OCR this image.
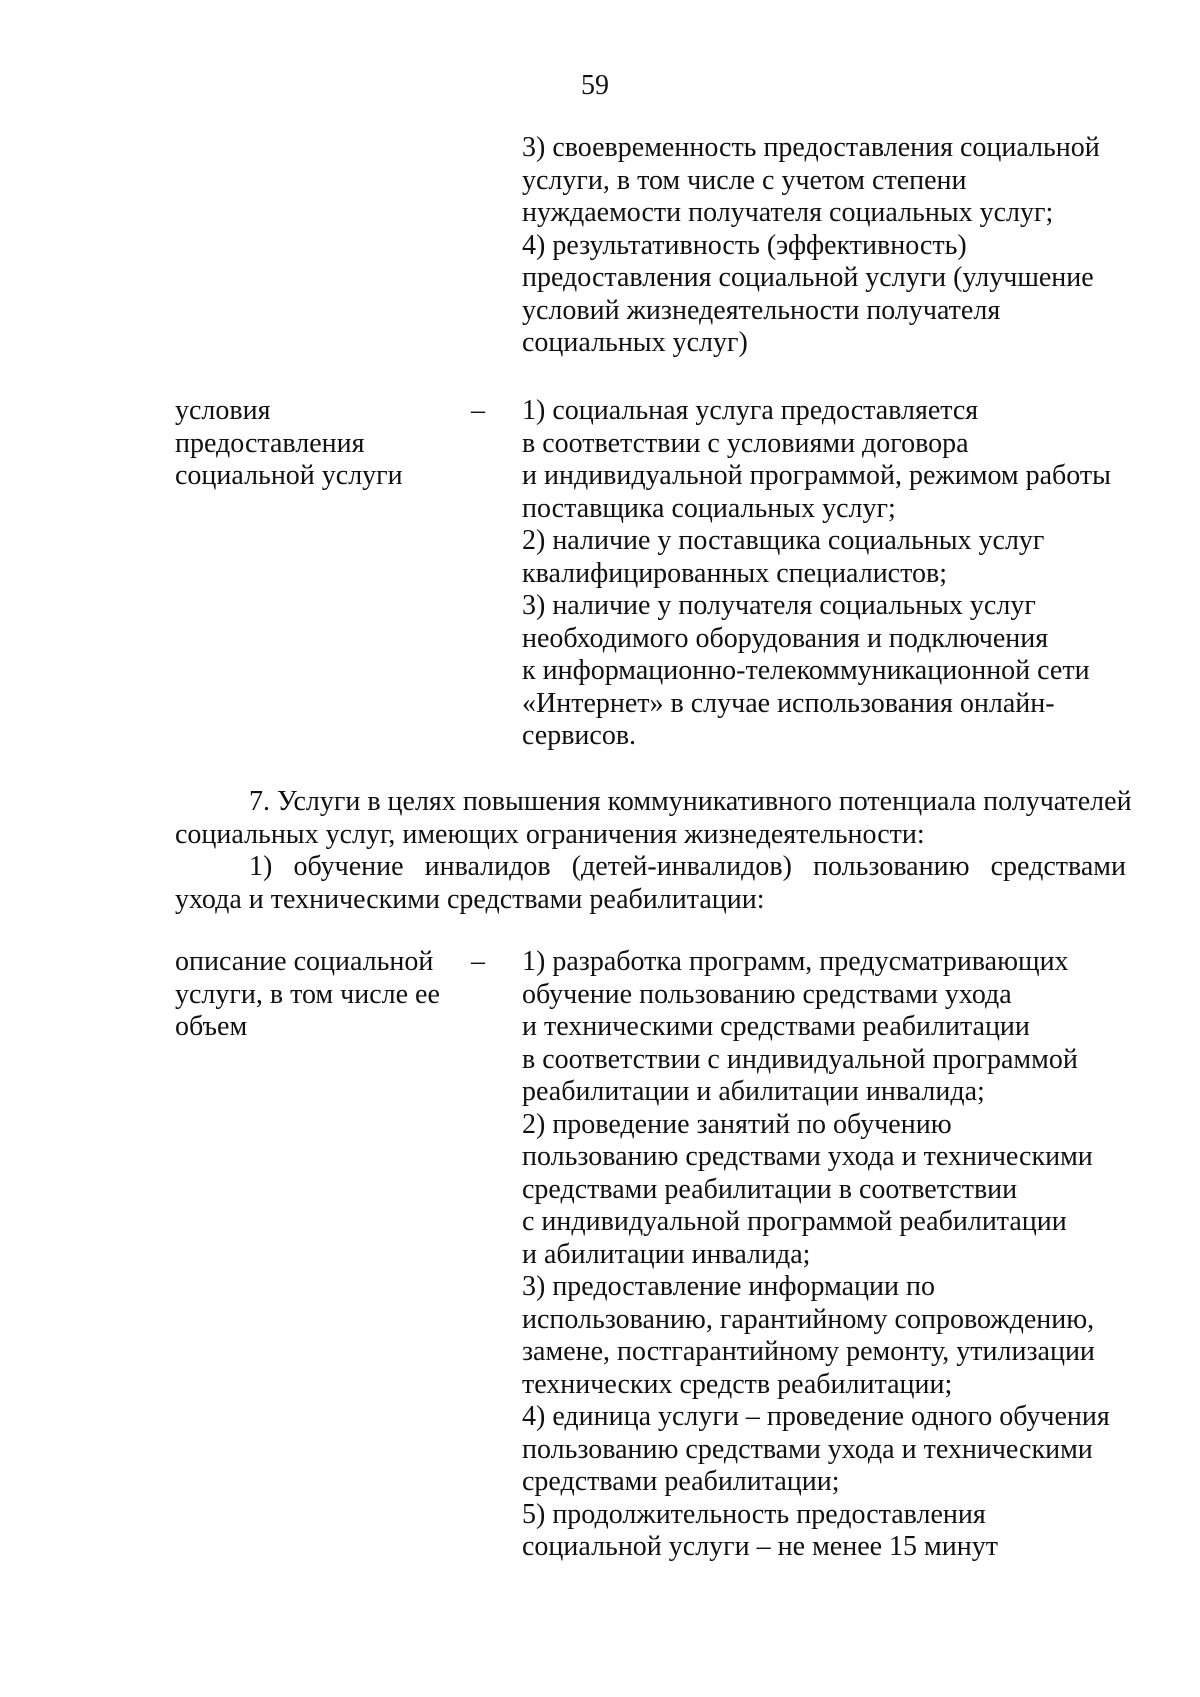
59
3) своевременность предоставления социальной
услуги, в том числе с учетом степени
нуждаемости получателя социальных услуг;
4) результативность (эффективность)
предоставления социальной услуги (улучшение
условий жизнедеятельности получателя
социальных услуг)
условия
предоставления
социальной услуги
–	1) социальная услуга предоставляется
в соответствии с условиями договора
и индивидуальной программой, режимом работы
поставщика социальных услуг;
2) наличие у поставщика социальных услуг
квалифицированных специалистов;
3) наличие у получателя социальных услуг
необходимого оборудования и подключения
к информационно-телекоммуникационной сети
«Интернет» в случае использования онлайн-
сервисов.
7. Услуги в целях повышения коммуникативного потенциала получателей
социальных услуг, имеющих ограничения жизнедеятельности:
1) обучение инвалидов (детей-инвалидов) пользованию средствами
ухода и техническими средствами реабилитации:
описание социальной
услуги, в том числе ее
объем
–	1) разработка программ, предусматривающих
обучение пользованию средствами ухода
и техническими средствами реабилитации
в соответствии с индивидуальной программой
реабилитации и абилитации инвалида;
2) проведение занятий по обучению
пользованию средствами ухода и техническими
средствами реабилитации в соответствии
с индивидуальной программой реабилитации
и абилитации инвалида;
3) предоставление информации по
использованию, гарантийному сопровождению,
замене, постгарантийному ремонту, утилизации
технических средств реабилитации;
4) единица услуги – проведение одного обучения
пользованию средствами ухода и техническими
средствами реабилитации;
5) продолжительность предоставления
социальной услуги – не менее 15 минут
